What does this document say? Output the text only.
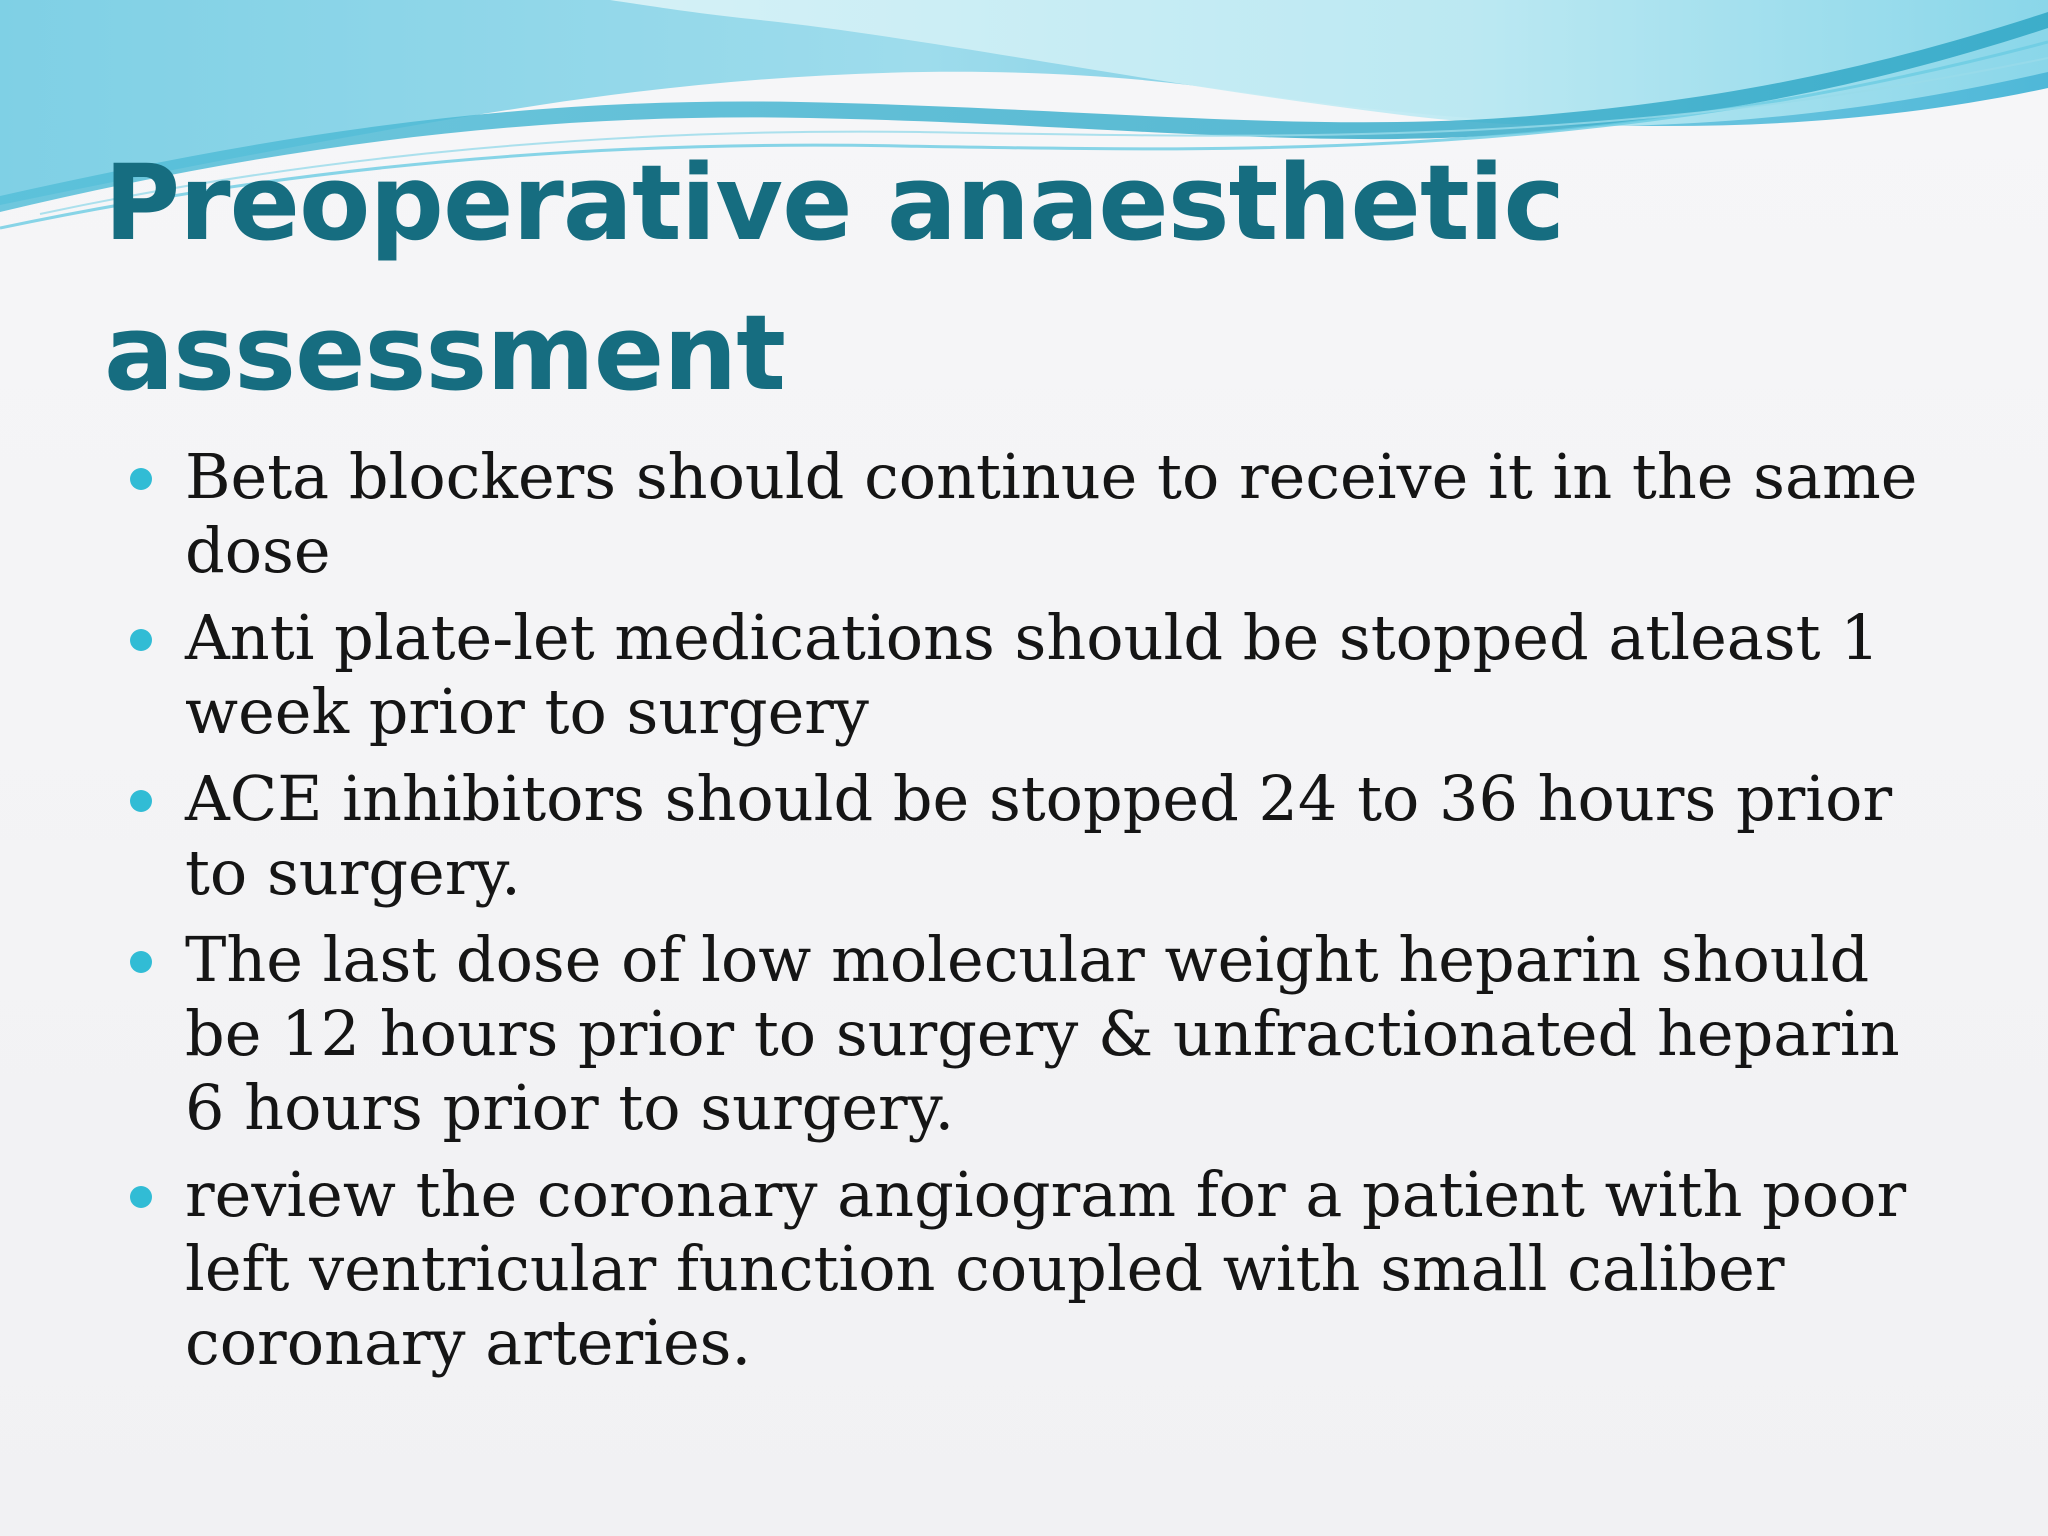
Preoperative anaesthetic assessment
Beta blockers should continue to receive it in the same dose
Anti plate-let medications should be stopped atleast 1 week prior to surgery
ACE inhibitors should be stopped 24 to 36 hours prior to surgery.
The last dose of low molecular weight heparin should be 12 hours prior to surgery & unfractionated heparin 6 hours prior to surgery.
review the coronary angiogram for a patient with poor left ventricular function coupled with small caliber coronary arteries.
